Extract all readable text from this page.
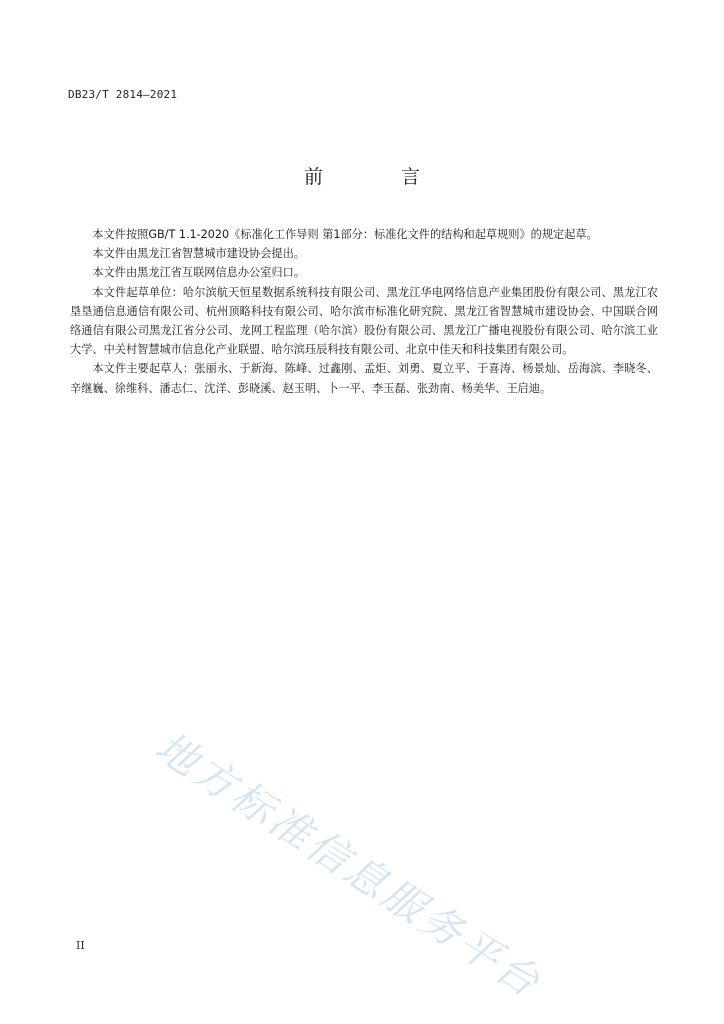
DB23/T 2814—2021
前 言

本文件按照GB/T 1.1-2020《标准化工作导则 第1部分：标准化文件的结构和起草规则》的规定起草。

本文件由黑龙江省智慧城市建设协会提出。

本文件由黑龙江省互联网信息办公室归口。

本文件起草单位：哈尔滨航天恒星数据系统科技有限公司、黑龙江华电网络信息产业集团股份有限公司、黑龙江农垦垦通信息通信有限公司、杭州顶略科技有限公司、哈尔滨市标准化研究院、黑龙江省智慧城市建设协会、中国联合网络通信有限公司黑龙江省分公司、龙网工程监理（哈尔滨）股份有限公司、黑龙江广播电视股份有限公司、哈尔滨工业大学、中关村智慧城市信息化产业联盟、哈尔滨珏辰科技有限公司、北京中佳天和科技集团有限公司。

本文件主要起草人：张丽永、于新海、陈峰、过鑫刚、孟炬、刘勇、夏立平、于喜涛、杨景灿、岳海滨、李晓冬、辛继巍、徐维科、潘志仁、沈洋、彭晓溪、赵玉明、卜一平、李玉磊、张劲南、杨美华、王启迪。

地方标准信息服务平台
II
